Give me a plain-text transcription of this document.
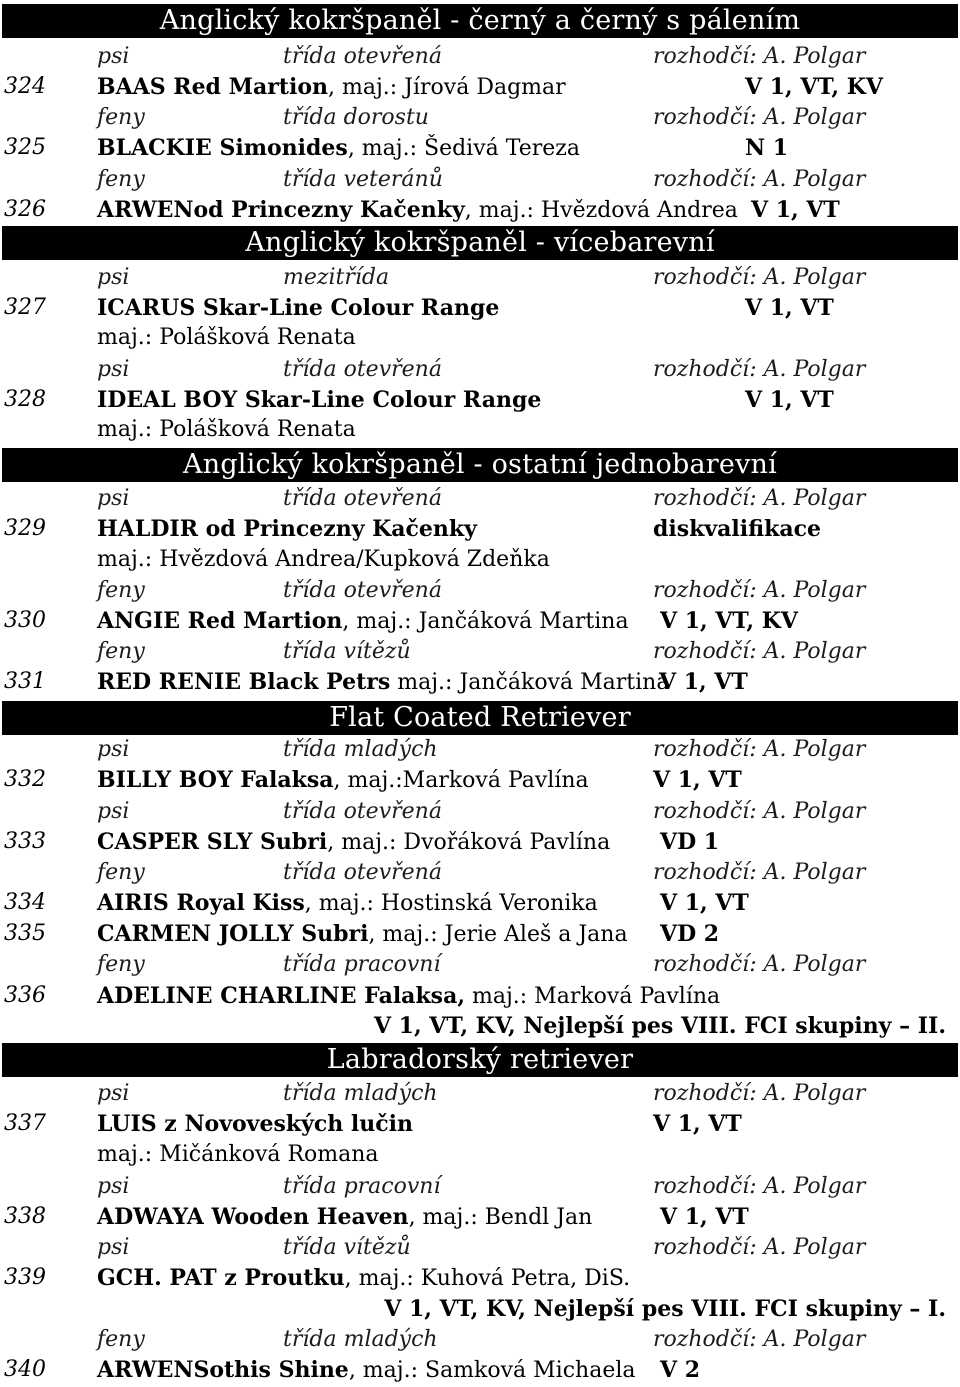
Anglický kokršpaněl - černý a černý s pálením
psi	třída otevřená	rozhodčí: A. Polgar
324 BAAS Red Martion, maj.: Jírová Dagmar	V 1, VT, KV
feny	třída dorostu	rozhodčí: A. Polgar
325 BLACKIE Simonides, maj.: Šedivá Tereza	N 1
feny	třída veteránů	rozhodčí: A. Polgar
326 ARWENod Princezny Kačenky, maj.: Hvězdová Andrea V 1, VT
Anglický kokršpaněl - vícebarevní
psi	mezitřída	rozhodčí: A. Polgar
327 ICARUS Skar-Line Colour Range	V 1, VT
maj.: Polášková Renata
psi	třída otevřená	rozhodčí: A. Polgar
328 IDEAL BOY Skar-Line Colour Range	V 1, VT
maj.: Polášková Renata
Anglický kokršpaněl - ostatní jednobarevní
psi	třída otevřená	rozhodčí: A. Polgar
329 HALDIR od Princezny Kačenky	diskvalifikace
maj.: Hvězdová Andrea/Kupková Zdeňka
feny	třída otevřená	rozhodčí: A. Polgar
330 ANGIE Red Martion, maj.: Jančáková Martina V 1, VT, KV
feny	třída vítězů	rozhodčí: A. Polgar
331 RED RENIE Black Petrs maj.: Jančáková Martina
V 1, VT
Flat Coated Retriever
psi	třída mladých	rozhodčí: A. Polgar
332 BILLY BOY Falaksa, maj.:Marková Pavlína	V 1, VT
psi	třída otevřená	rozhodčí: A. Polgar
333 CASPER SLY Subri, maj.: Dvořáková Pavlína VD 1
feny	třída otevřená	rozhodčí: A. Polgar
334 AIRIS Royal Kiss, maj.: Hostinská Veronika	V 1, VT
335 CARMEN JOLLY Subri, maj.: Jerie Aleš a Jana VD 2
feny	třída pracovní	rozhodčí: A. Polgar
336 ADELINE CHARLINE Falaksa, maj.: Marková Pavlína
V 1, VT, KV, Nejlepší pes VIII. FCI skupiny – II.
Labradorský retriever
psi	třída mladých	rozhodčí: A. Polgar
337 LUIS z Novoveských lučin	V 1, VT
maj.: Mičánková Romana
psi	třída pracovní	rozhodčí: A. Polgar
338 ADWAYA Wooden Heaven, maj.: Bendl Jan	V 1, VT
psi	třída vítězů	rozhodčí: A. Polgar
339 GCH. PAT z Proutku, maj.: Kuhová Petra, DiS.
V 1, VT, KV, Nejlepší pes VIII. FCI skupiny – I.
feny	třída mladých	rozhodčí: A. Polgar
340 ARWENSothis Shine, maj.: Samková Michaela V 2
